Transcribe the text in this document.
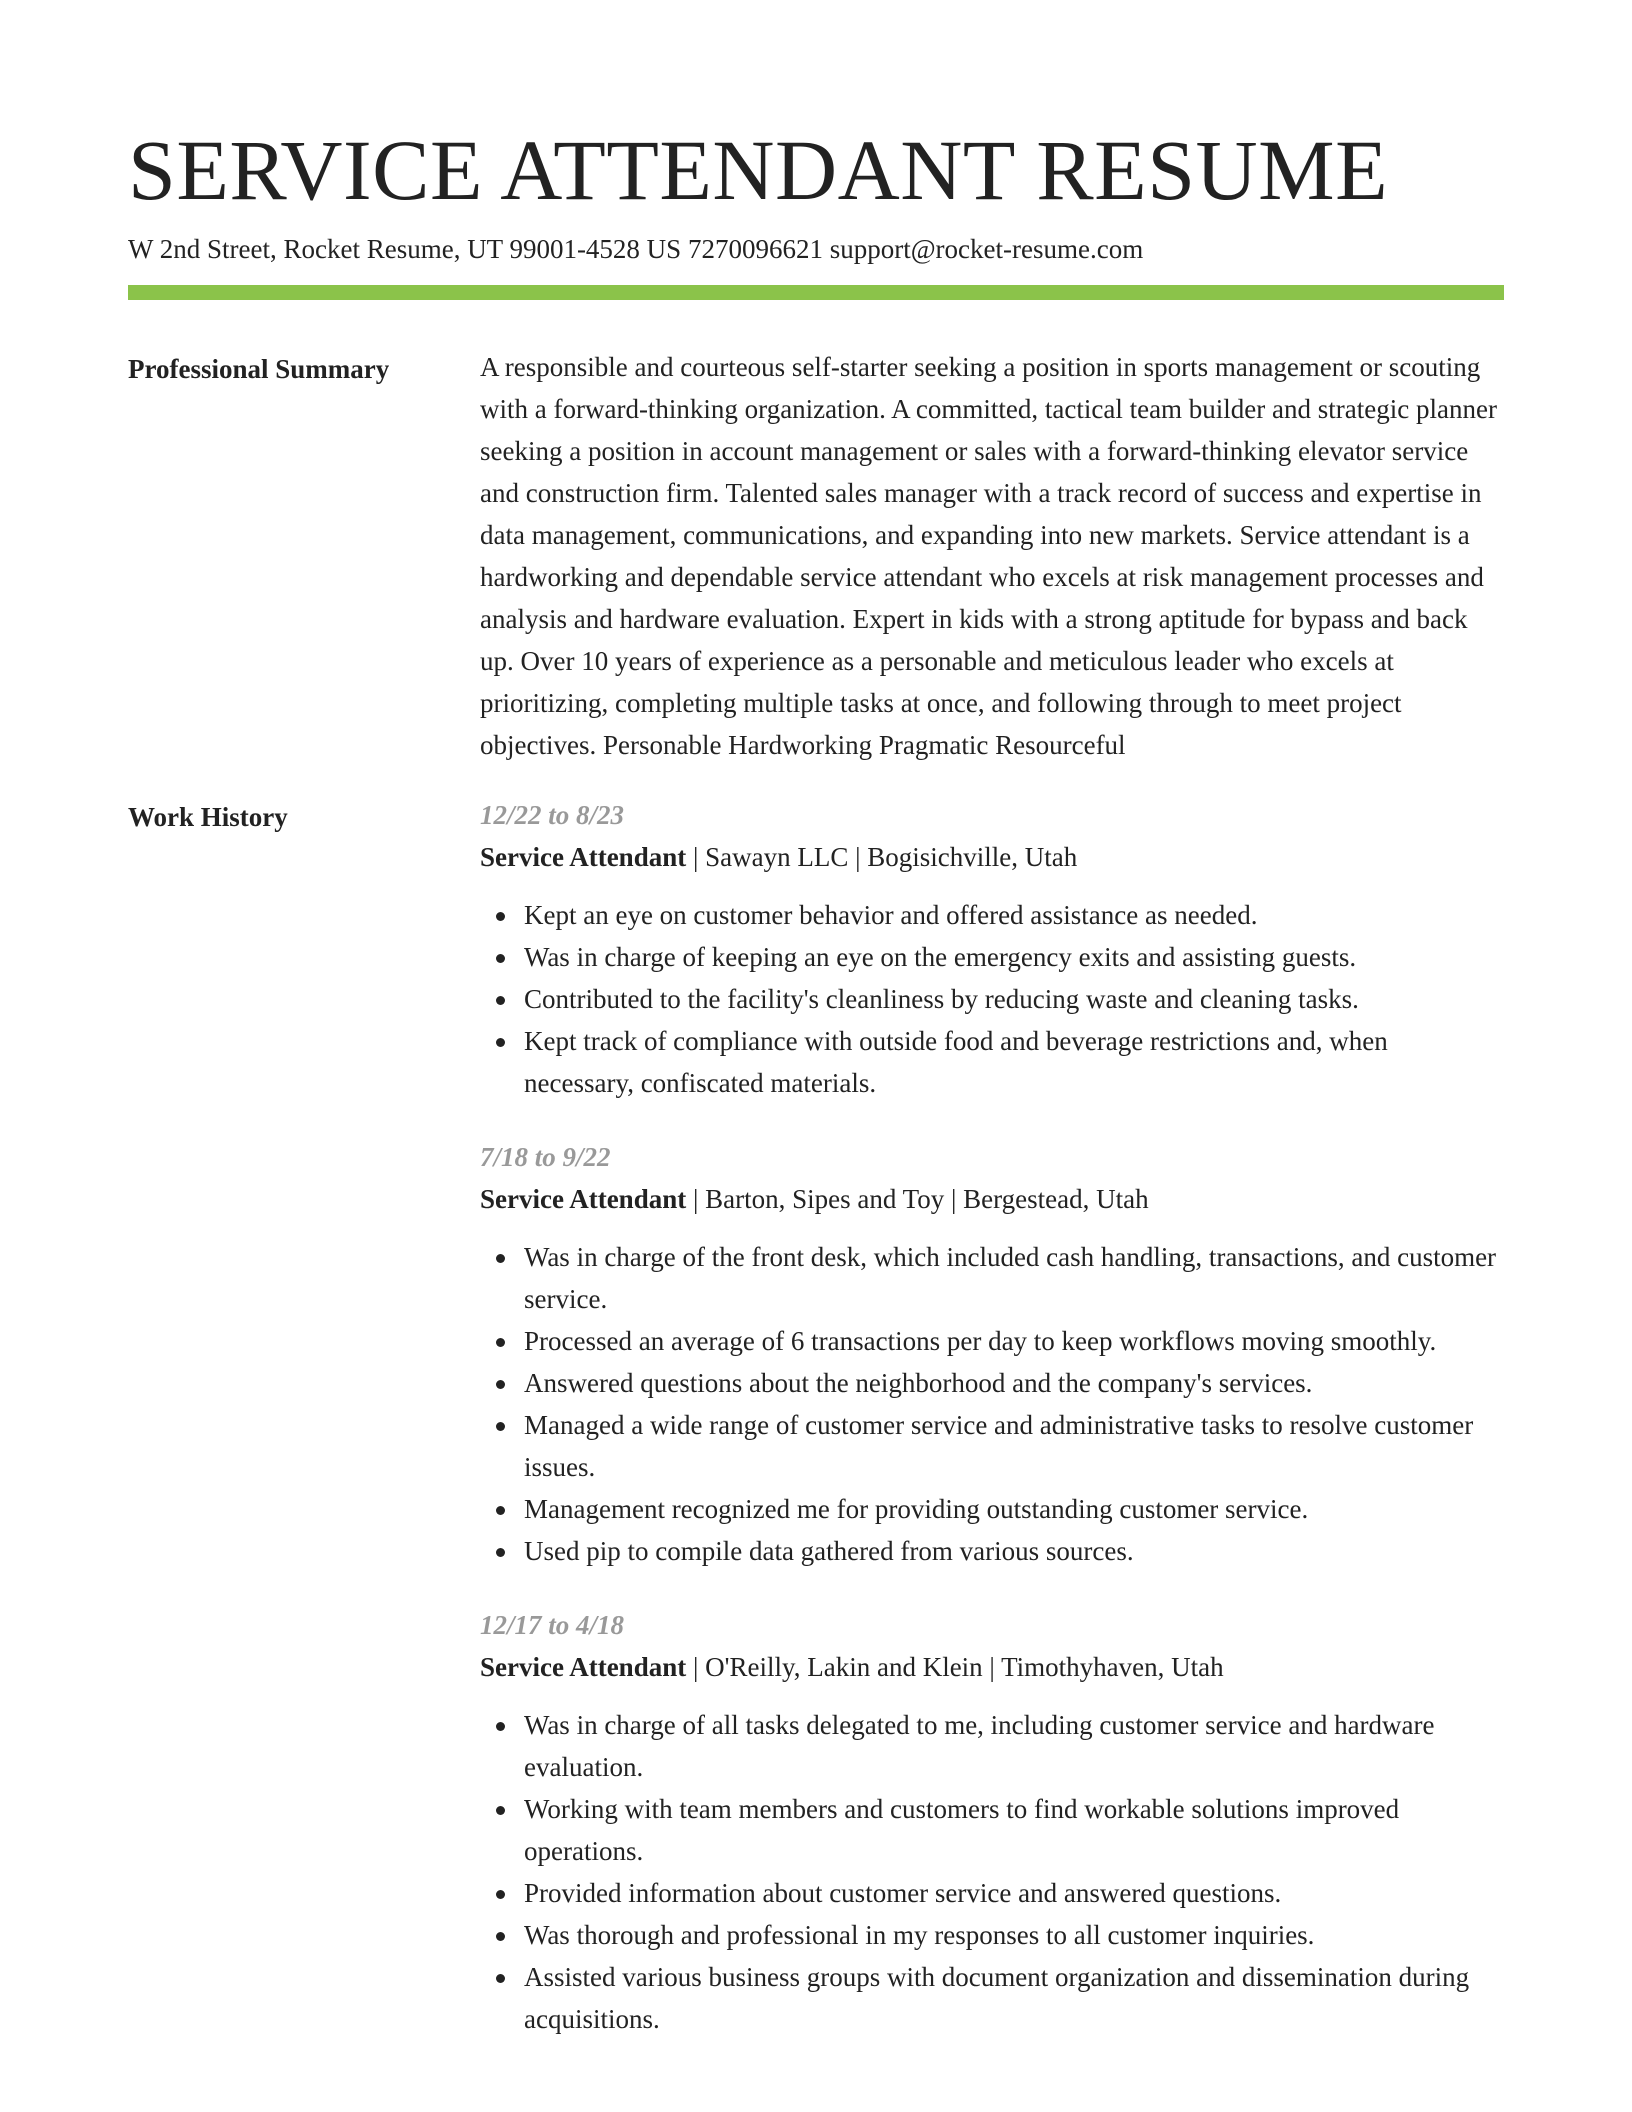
SERVICE ATTENDANT RESUME
W 2nd Street, Rocket Resume, UT 99001-4528 US 7270096621 support@rocket-resume.com
Professional Summary	A responsible and courteous self-starter seeking a position in sports management or scouting with a forward-thinking organization. A committed, tactical team builder and strategic planner seeking a position in account management or sales with a forward-thinking elevator service and construction firm. Talented sales manager with a track record of success and expertise in data management, communications, and expanding into new markets. Service attendant is a hardworking and dependable service attendant who excels at risk management processes and analysis and hardware evaluation. Expert in kids with a strong aptitude for bypass and back up. Over 10 years of experience as a personable and meticulous leader who excels at prioritizing, completing multiple tasks at once, and following through to meet project objectives. Personable Hardworking Pragmatic Resourceful

Work History	12/22 to 8/23
Service Attendant | Sawayn LLC | Bogisichville, Utah
Kept an eye on customer behavior and offered assistance as needed.
Was in charge of keeping an eye on the emergency exits and assisting guests.
Contributed to the facility's cleanliness by reducing waste and cleaning tasks.
Kept track of compliance with outside food and beverage restrictions and, when necessary, confiscated materials.
7/18 to 9/22
Service Attendant | Barton, Sipes and Toy | Bergestead, Utah
Was in charge of the front desk, which included cash handling, transactions, and customer service.
Processed an average of 6 transactions per day to keep workflows moving smoothly.
Answered questions about the neighborhood and the company's services.
Managed a wide range of customer service and administrative tasks to resolve customer issues.
Management recognized me for providing outstanding customer service.
Used pip to compile data gathered from various sources.
12/17 to 4/18
Service Attendant | O'Reilly, Lakin and Klein | Timothyhaven, Utah
Was in charge of all tasks delegated to me, including customer service and hardware evaluation.
Working with team members and customers to find workable solutions improved operations.
Provided information about customer service and answered questions.
Was thorough and professional in my responses to all customer inquiries.
Assisted various business groups with document organization and dissemination during acquisitions.
